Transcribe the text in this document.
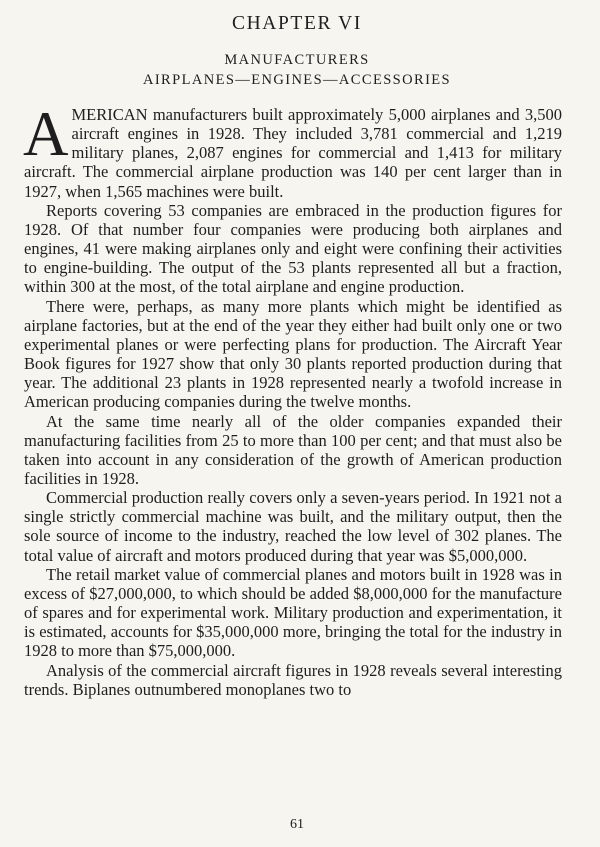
CHAPTER VI
MANUFACTURERS
AIRPLANES—ENGINES—ACCESSORIES

AMERICAN manufacturers built approximately 5,000 airplanes and 3,500 aircraft engines in 1928. They included 3,781 commercial and 1,219 military planes, 2,087 engines for commercial and 1,413 for military aircraft. The commercial airplane production was 140 per cent larger than in 1927, when 1,565 machines were built.

Reports covering 53 companies are embraced in the production figures for 1928. Of that number four companies were producing both airplanes and engines, 41 were making airplanes only and eight were confining their activities to engine-building. The output of the 53 plants represented all but a fraction, within 300 at the most, of the total airplane and engine production.

There were, perhaps, as many more plants which might be identified as airplane factories, but at the end of the year they either had built only one or two experimental planes or were perfecting plans for production. The Aircraft Year Book figures for 1927 show that only 30 plants reported production during that year. The additional 23 plants in 1928 represented nearly a twofold increase in American producing companies during the twelve months.

At the same time nearly all of the older companies expanded their manufacturing facilities from 25 to more than 100 per cent; and that must also be taken into account in any consideration of the growth of American production facilities in 1928.

Commercial production really covers only a seven-years period. In 1921 not a single strictly commercial machine was built, and the military output, then the sole source of income to the industry, reached the low level of 302 planes. The total value of aircraft and motors produced during that year was $5,000,000.

The retail market value of commercial planes and motors built in 1928 was in excess of $27,000,000, to which should be added $8,000,000 for the manufacture of spares and for experimental work. Military production and experimentation, it is estimated, accounts for $35,000,000 more, bringing the total for the industry in 1928 to more than $75,000,000.

Analysis of the commercial aircraft figures in 1928 reveals several interesting trends. Biplanes outnumbered monoplanes two to

61
